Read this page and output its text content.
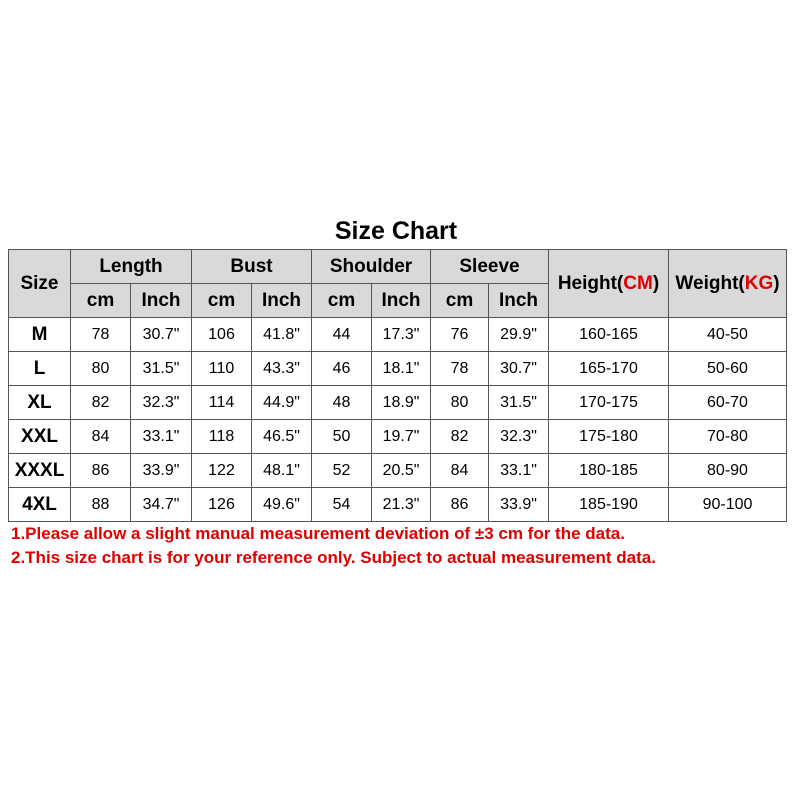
Size Chart
Size	Length		Bust		Shoulder		Sleeve		Height(CM)	Weight(KG)
	cm	Inch	cm	Inch	cm	Inch	cm	Inch		
M	78	30.7"	106	41.8"	44	17.3"	76	29.9"	160-165	40-50
L	80	31.5"	110	43.3"	46	18.1"	78	30.7"	165-170	50-60
XL	82	32.3"	114	44.9"	48	18.9"	80	31.5"	170-175	60-70
XXL	84	33.1"	118	46.5"	50	19.7"	82	32.3"	175-180	70-80
XXXL	86	33.9"	122	48.1"	52	20.5"	84	33.1"	180-185	80-90
4XL	88	34.7"	126	49.6"	54	21.3"	86	33.9"	185-190	90-100
1.Please allow a slight manual measurement deviation of ±3 cm for the data.
2.This size chart is for your reference only. Subject to actual measurement data.
